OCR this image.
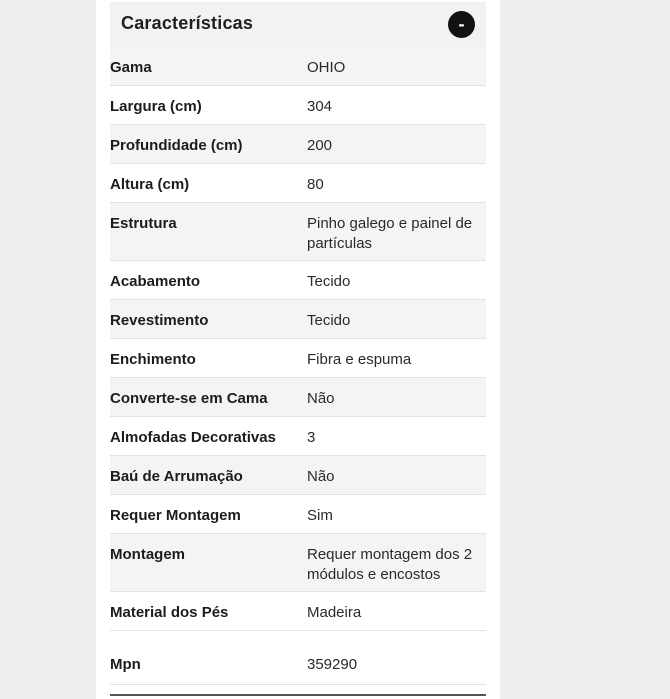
Características	-
Gama	OHIO
Largura (cm)	304
Profundidade (cm)	200
Altura (cm)	80
Estrutura	Pinho galego e painel de partículas
Acabamento	Tecido
Revestimento	Tecido
Enchimento	Fibra e espuma
Converte-se em Cama	Não
Almofadas Decorativas	3
Baú de Arrumação	Não
Requer Montagem	Sim
Montagem	Requer montagem dos 2 módulos e encostos
Material dos Pés	Madeira
Mpn	359290
